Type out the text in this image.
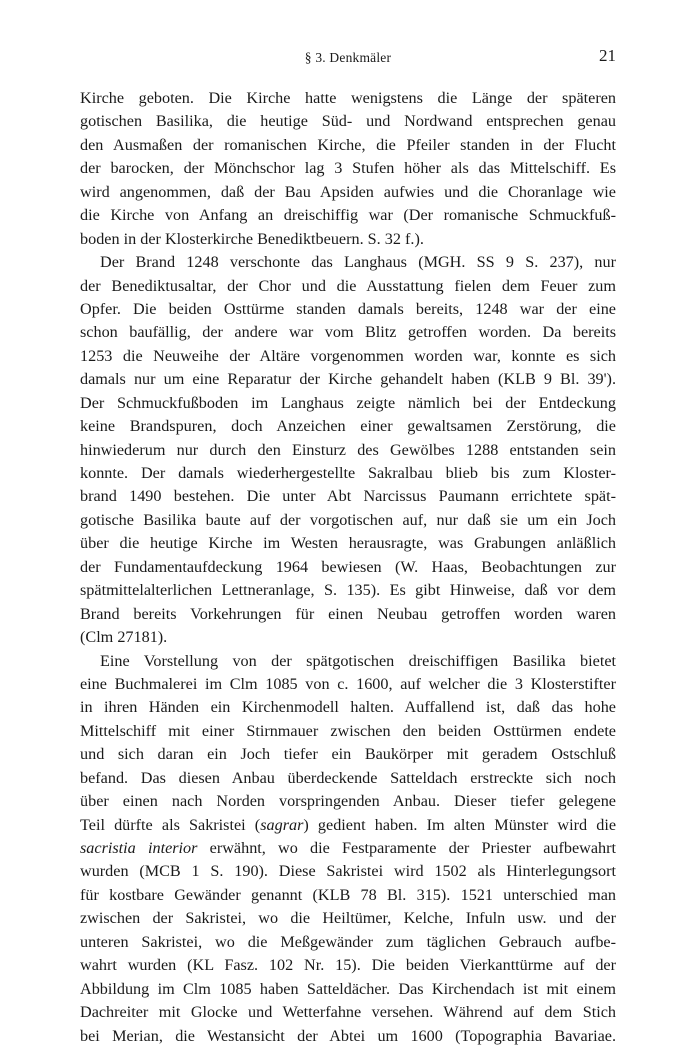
§ 3. Denkmäler	21
Kirche geboten. Die Kirche hatte wenigstens die Länge der späteren
gotischen Basilika, die heutige Süd- und Nordwand entsprechen genau
den Ausmaßen der romanischen Kirche, die Pfeiler standen in der Flucht
der barocken, der Mönchschor lag 3 Stufen höher als das Mittelschiff. Es
wird angenommen, daß der Bau Apsiden aufwies und die Choranlage wie
die Kirche von Anfang an dreischiffig war (Der romanische Schmuckfuß-
boden in der Klosterkirche Benediktbeuern. S. 32 f.).
Der Brand 1248 verschonte das Langhaus (MGH. SS 9 S. 237), nur
der Benediktusaltar, der Chor und die Ausstattung fielen dem Feuer zum
Opfer. Die beiden Osttürme standen damals bereits, 1248 war der eine
schon baufällig, der andere war vom Blitz getroffen worden. Da bereits
1253 die Neuweihe der Altäre vorgenommen worden war, konnte es sich
damals nur um eine Reparatur der Kirche gehandelt haben (KLB 9 Bl. 39').
Der Schmuckfußboden im Langhaus zeigte nämlich bei der Entdeckung
keine Brandspuren, doch Anzeichen einer gewaltsamen Zerstörung, die
hinwiederum nur durch den Einsturz des Gewölbes 1288 entstanden sein
konnte. Der damals wiederhergestellte Sakralbau blieb bis zum Kloster-
brand 1490 bestehen. Die unter Abt Narcissus Paumann errichtete spät-
gotische Basilika baute auf der vorgotischen auf, nur daß sie um ein Joch
über die heutige Kirche im Westen herausragte, was Grabungen anläßlich
der Fundamentaufdeckung 1964 bewiesen (W. Haas, Beobachtungen zur
spätmittelalterlichen Lettneranlage, S. 135). Es gibt Hinweise, daß vor dem
Brand bereits Vorkehrungen für einen Neubau getroffen worden waren
(Clm 27181).
Eine Vorstellung von der spätgotischen dreischiffigen Basilika bietet
eine Buchmalerei im Clm 1085 von c. 1600, auf welcher die 3 Klosterstifter
in ihren Händen ein Kirchenmodell halten. Auffallend ist, daß das hohe
Mittelschiff mit einer Stirnmauer zwischen den beiden Osttürmen endete
und sich daran ein Joch tiefer ein Baukörper mit geradem Ostschluß
befand. Das diesen Anbau überdeckende Satteldach erstreckte sich noch
über einen nach Norden vorspringenden Anbau. Dieser tiefer gelegene
Teil dürfte als Sakristei (sagrar) gedient haben. Im alten Münster wird die
sacristia interior erwähnt, wo die Festparamente der Priester aufbewahrt
wurden (MCB 1 S. 190). Diese Sakristei wird 1502 als Hinterlegungsort
für kostbare Gewänder genannt (KLB 78 Bl. 315). 1521 unterschied man
zwischen der Sakristei, wo die Heiltümer, Kelche, Infuln usw. und der
unteren Sakristei, wo die Meßgewänder zum täglichen Gebrauch aufbe-
wahrt wurden (KL Fasz. 102 Nr. 15). Die beiden Vierkanttürme auf der
Abbildung im Clm 1085 haben Satteldächer. Das Kirchendach ist mit einem
Dachreiter mit Glocke und Wetterfahne versehen. Während auf dem Stich
bei Merian, die Westansicht der Abtei um 1600 (Topographia Bavariae.
